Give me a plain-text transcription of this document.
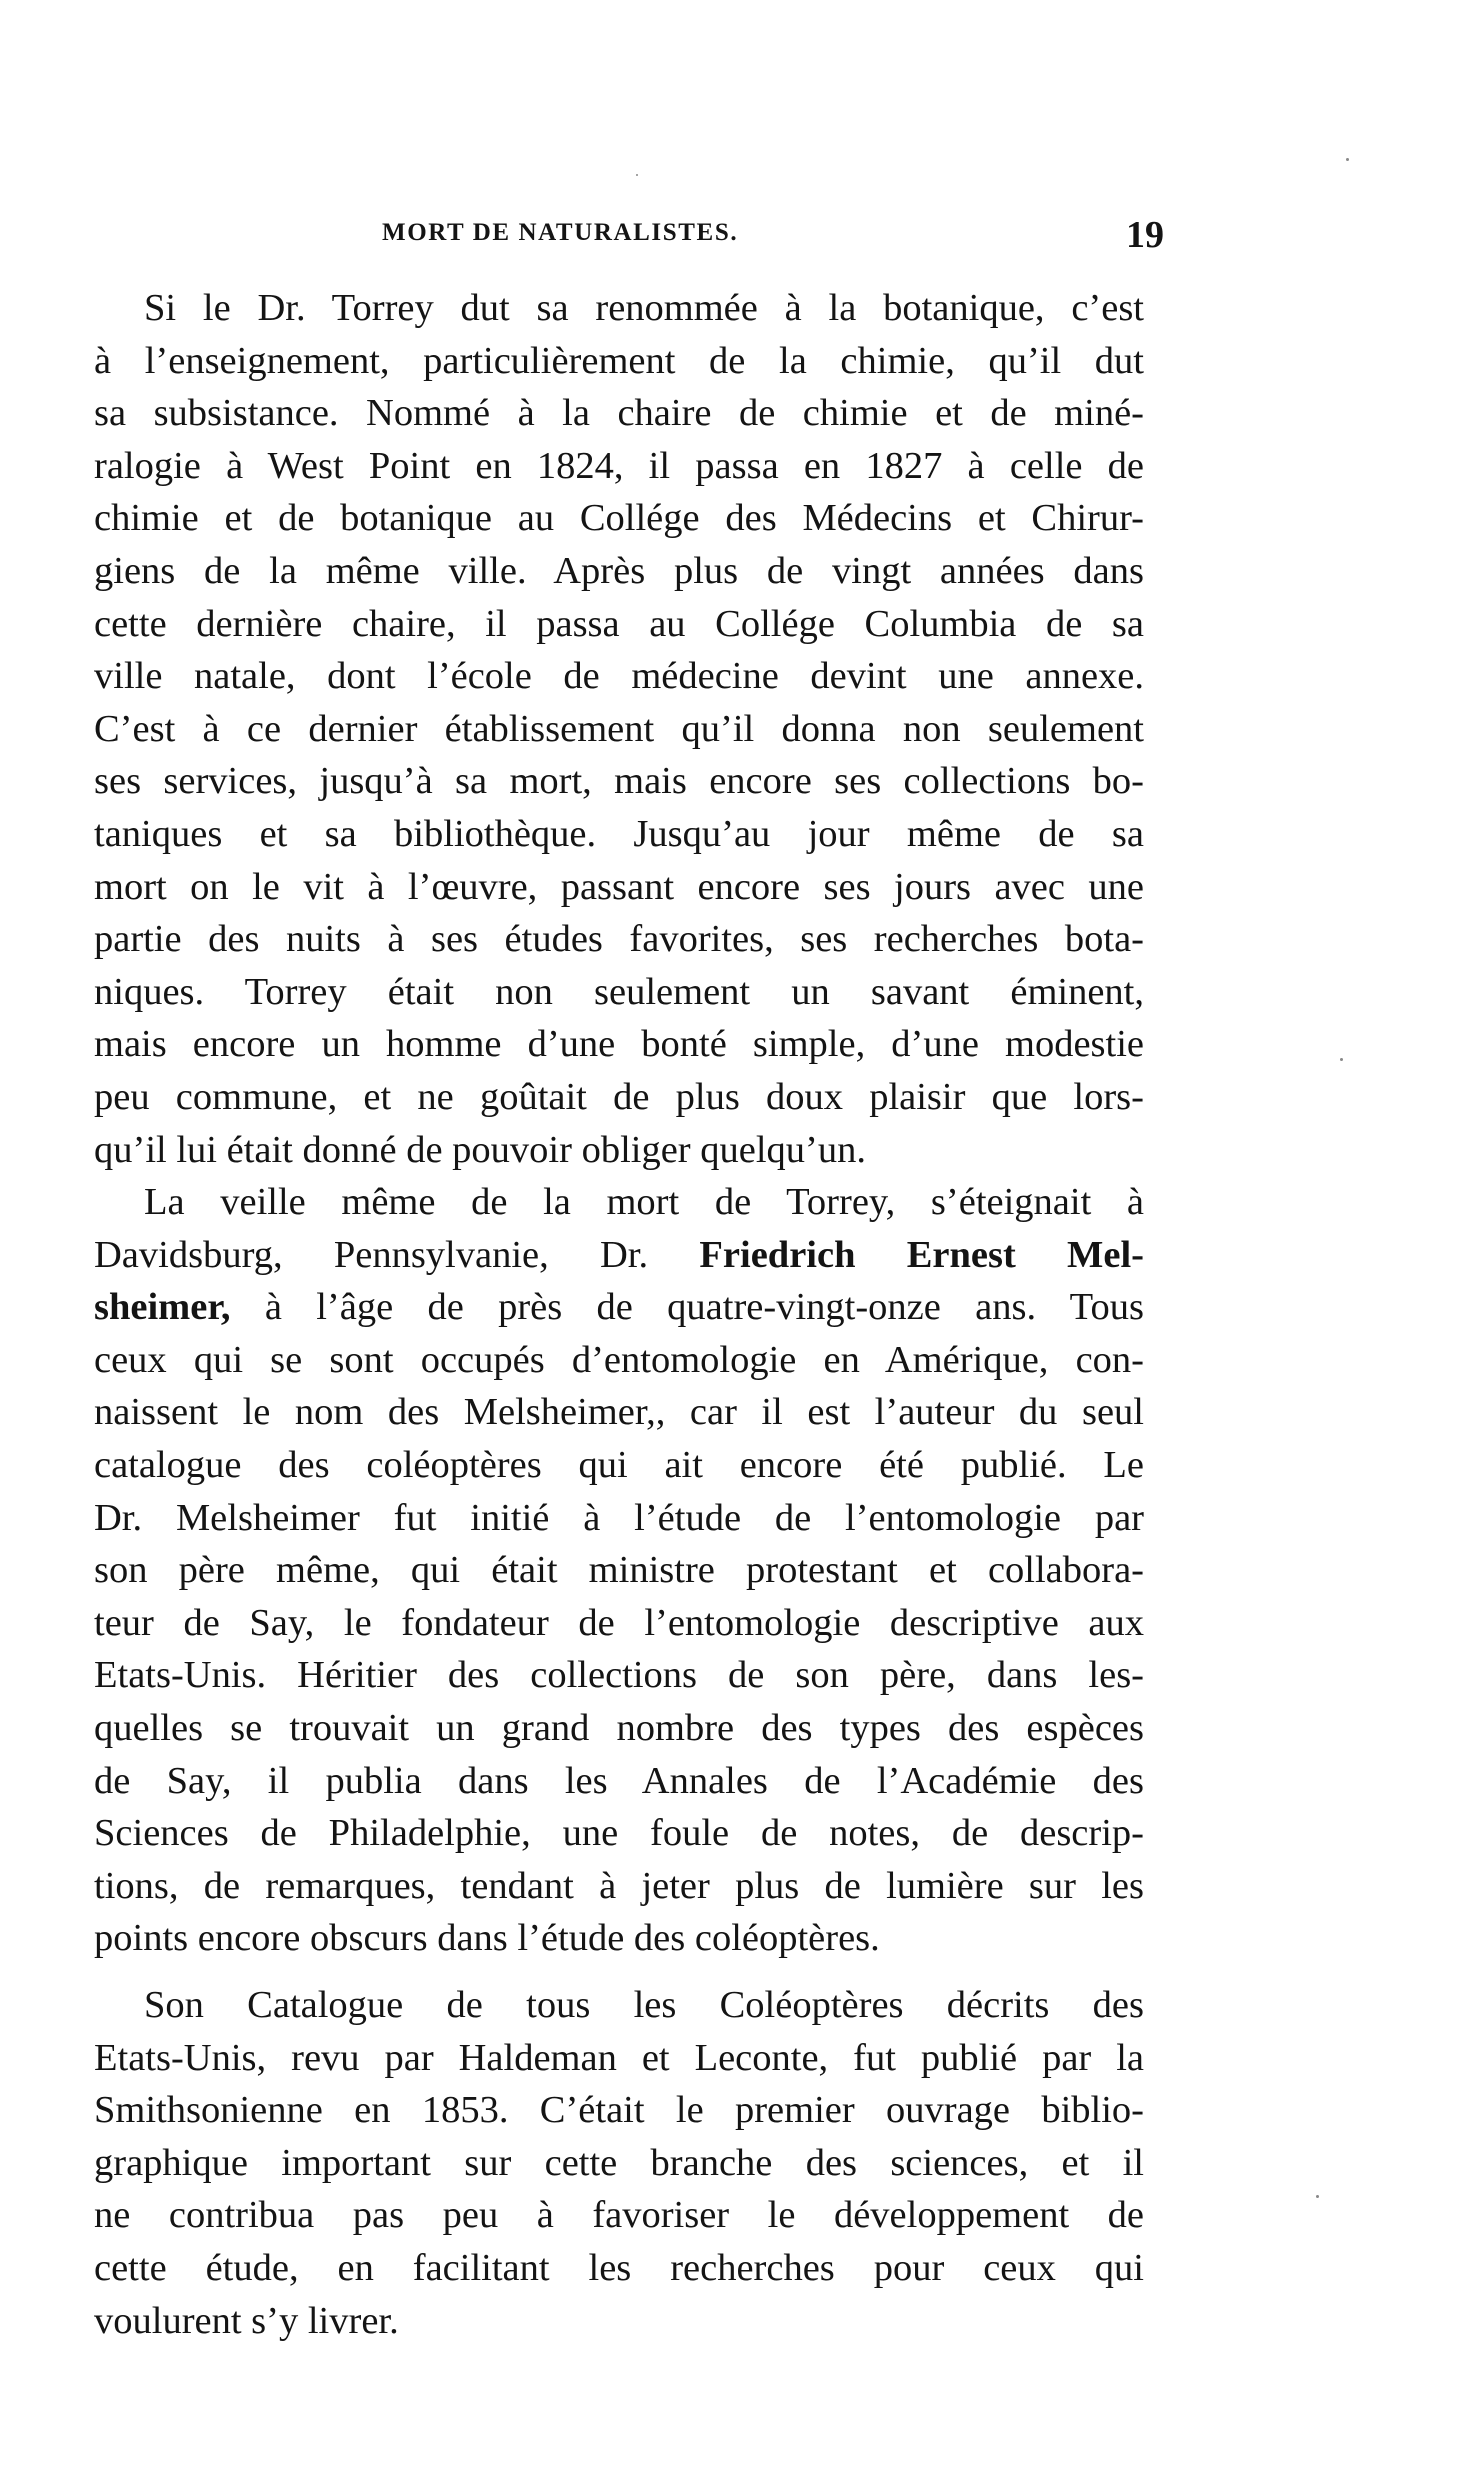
MORT DE NATURALISTES.	19
Si le Dr. Torrey dut sa renommée à la botanique, c’est
à l’enseignement, particulièrement de la chimie, qu’il dut
sa subsistance. Nommé à la chaire de chimie et de miné-
ralogie à West Point en 1824, il passa en 1827 à celle de
chimie et de botanique au Collége des Médecins et Chirur-
giens de la même ville. Après plus de vingt années dans
cette dernière chaire, il passa au Collége Columbia de sa
ville natale, dont l’école de médecine devint une annexe.
C’est à ce dernier établissement qu’il donna non seulement
ses services, jusqu’à sa mort, mais encore ses collections bo-
taniques et sa bibliothèque. Jusqu’au jour même de sa
mort on le vit à l’œuvre, passant encore ses jours avec une
partie des nuits à ses études favorites, ses recherches bota-
niques. Torrey était non seulement un savant éminent,
mais encore un homme d’une bonté simple, d’une modestie
peu commune, et ne goûtait de plus doux plaisir que lors-
qu’il lui était donné de pouvoir obliger quelqu’un.
La veille même de la mort de Torrey, s’éteignait à
Davidsburg, Pennsylvanie, Dr. Friedrich Ernest Mel-
sheimer, à l’âge de près de quatre-vingt-onze ans. Tous
ceux qui se sont occupés d’entomologie en Amérique, con-
naissent le nom des Melsheimer,, car il est l’auteur du seul
catalogue des coléoptères qui ait encore été publié. Le
Dr. Melsheimer fut initié à l’étude de l’entomologie par
son père même, qui était ministre protestant et collabora-
teur de Say, le fondateur de l’entomologie descriptive aux
Etats-Unis. Héritier des collections de son père, dans les-
quelles se trouvait un grand nombre des types des espèces
de Say, il publia dans les Annales de l’Académie des
Sciences de Philadelphie, une foule de notes, de descrip-
tions, de remarques, tendant à jeter plus de lumière sur les
points encore obscurs dans l’étude des coléoptères.
Son Catalogue de tous les Coléoptères décrits des
Etats-Unis, revu par Haldeman et Leconte, fut publié par la
Smithsonienne en 1853. C’était le premier ouvrage biblio-
graphique important sur cette branche des sciences, et il
ne contribua pas peu à favoriser le développement de
cette étude, en facilitant les recherches pour ceux qui
voulurent s’y livrer.
